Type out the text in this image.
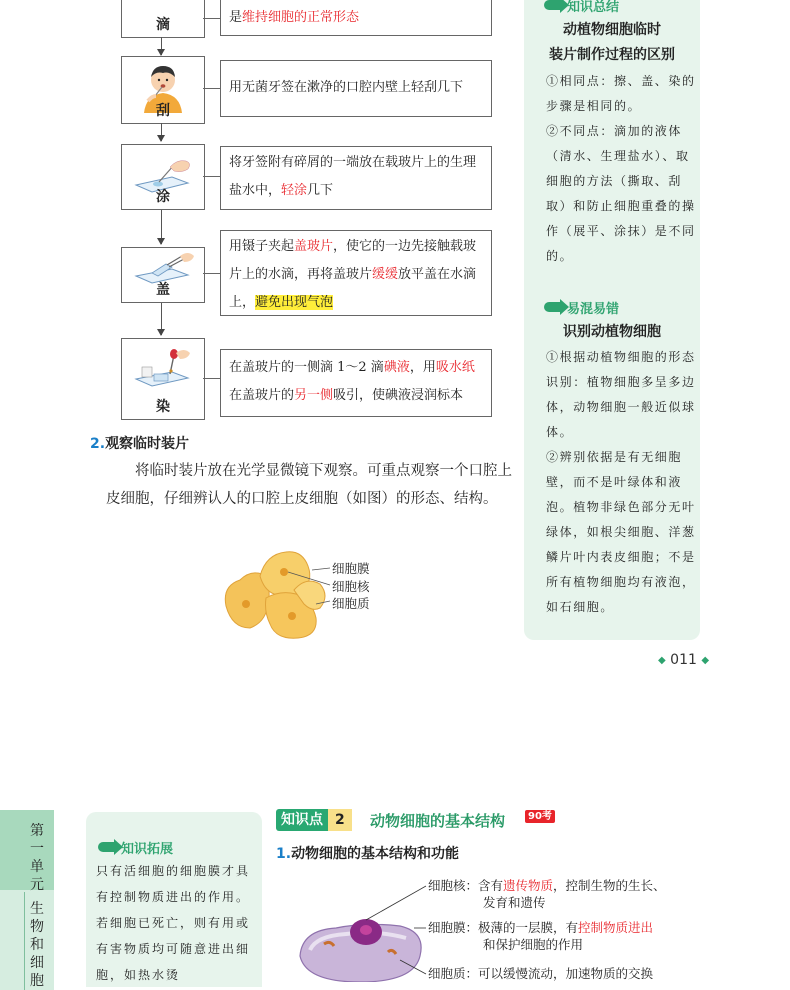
滴	是维持细胞的正常形态
刮
用无菌牙签在漱净的口腔内壁上轻刮几下
涂
将牙签附有碎屑的一端放在载玻片上的生理盐水中，轻涂几下
盖
用镊子夹起盖玻片，使它的一边先接触载玻片上的水滴，再将盖玻片缓缓放平盖在水滴上，避免出现气泡
染
在盖玻片的一侧滴 1～2 滴碘液，用吸水纸在盖玻片的另一侧吸引，使碘液浸润标本
知识总结
动植物细胞临时
装片制作过程的区别

①相同点：擦、盖、染的步骤是相同的。

②不同点：滴加的液体（清水、生理盐水）、取细胞的方法（撕取、刮取）和防止细胞重叠的操作（展平、涂抹）是不同的。

易混易错
识别动植物细胞

①根据动植物细胞的形态识别：植物细胞多呈多边体，动物细胞一般近似球体。

②辨别依据是有无细胞壁，而不是叶绿体和液泡。植物非绿色部分无叶绿体，如根尖细胞、洋葱鳞片叶内表皮细胞；不是所有植物细胞均有液泡，如石细胞。

2.观察临时装片
将临时装片放在光学显微镜下观察。可重点观察一个口腔上皮细胞，仔细辨认人的口腔上皮细胞（如图）的形态、结构。
细胞膜
细胞核
细胞质
◆ 011 ◆
第
一
单
元
生
物
和
细
胞
知识拓展
只有活细胞的细胞膜才具有控制物质进出的作用。若细胞已死亡，则有用或有害物质均可随意进出细胞，如热水烫
知识点 2	动物细胞的基本结构	90考
1.动物细胞的基本结构和功能
细胞核：含有遗传物质，控制生物的生长、
发育和遗传
细胞膜：极薄的一层膜，有控制物质进出
和保护细胞的作用
细胞质：可以缓慢流动，加速物质的交换
